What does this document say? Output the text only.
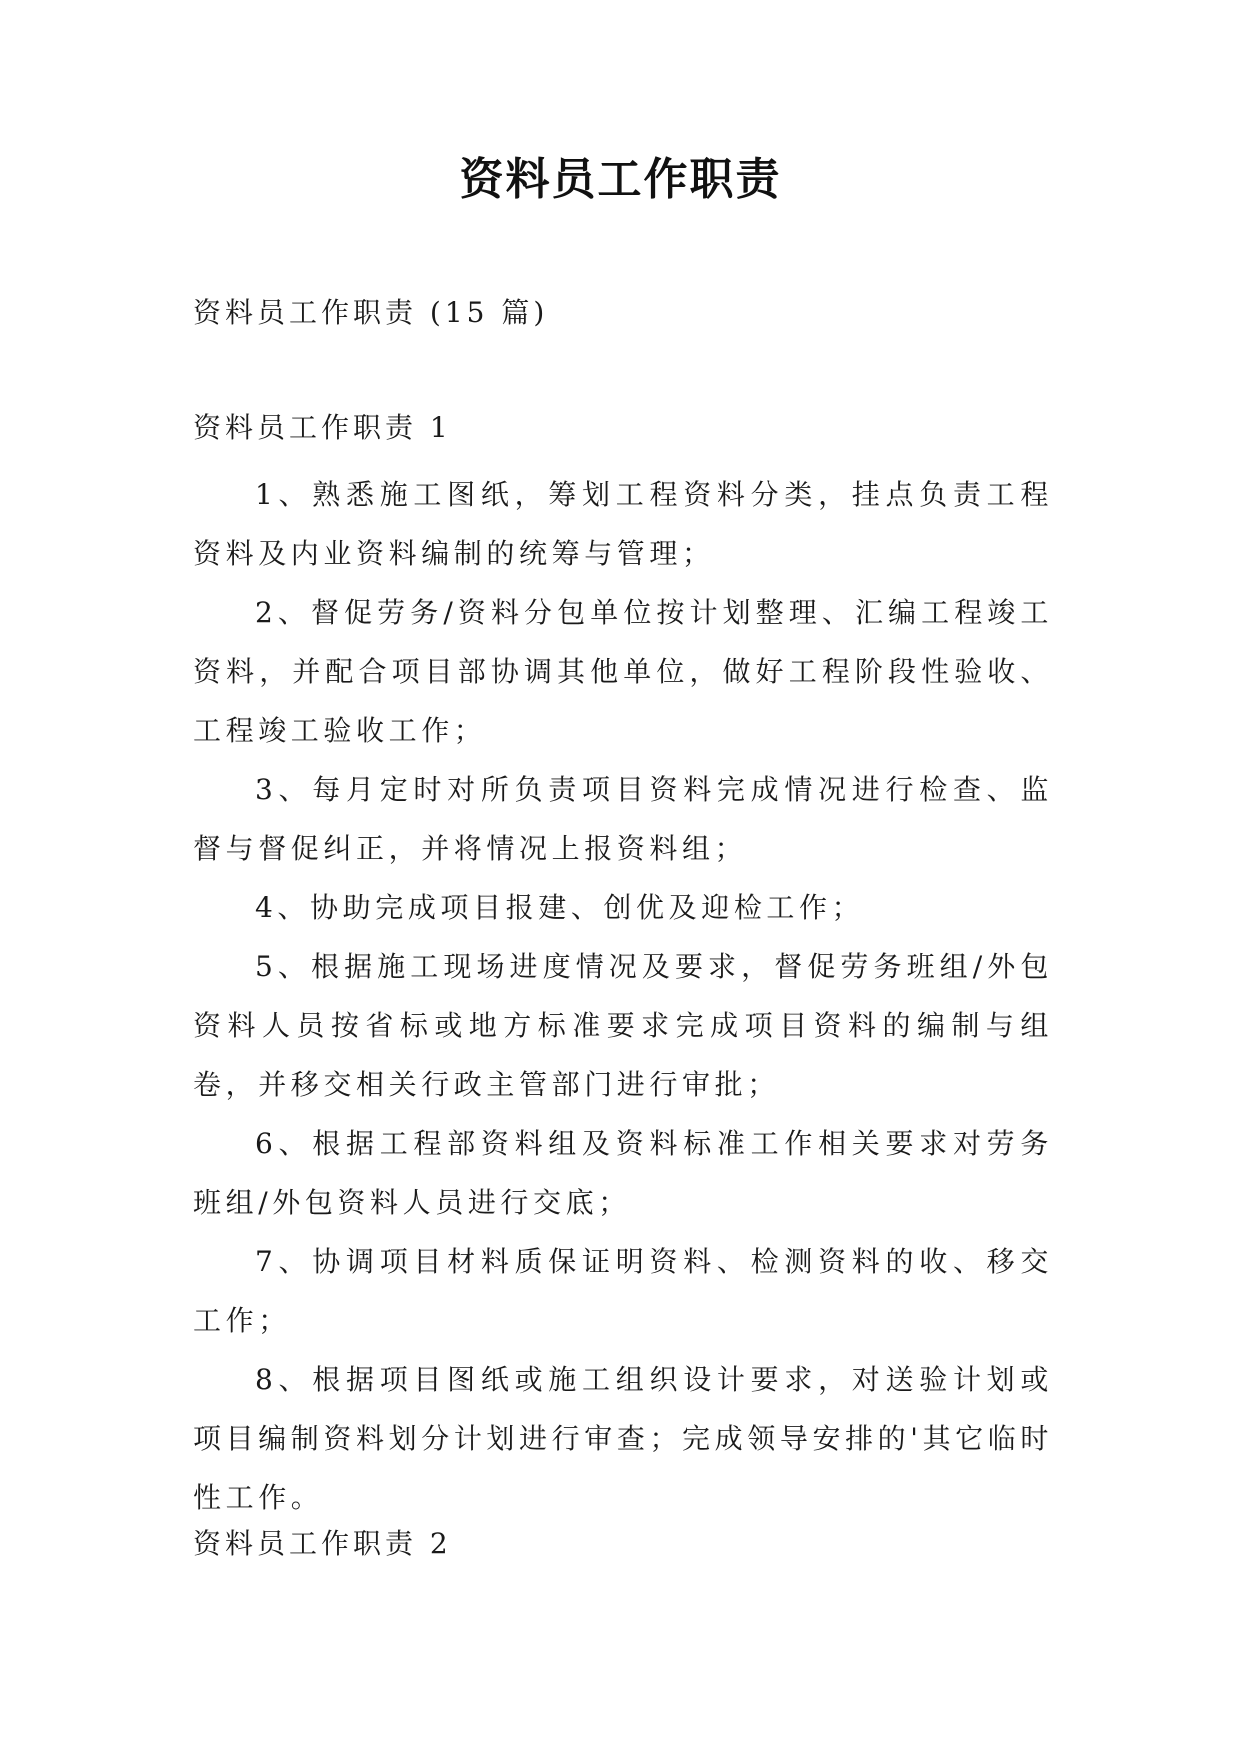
资料员工作职责
资料员工作职责 (15 篇)
资料员工作职责 1

1、熟悉施工图纸，筹划工程资料分类，挂点负责工程资料及内业资料编制的统筹与管理；

2、督促劳务/资料分包单位按计划整理、汇编工程竣工资料，并配合项目部协调其他单位，做好工程阶段性验收、工程竣工验收工作；

3、每月定时对所负责项目资料完成情况进行检查、监督与督促纠正，并将情况上报资料组；

4、协助完成项目报建、创优及迎检工作；

5、根据施工现场进度情况及要求，督促劳务班组/外包资料人员按省标或地方标准要求完成项目资料的编制与组卷，并移交相关行政主管部门进行审批；

6、根据工程部资料组及资料标准工作相关要求对劳务班组/外包资料人员进行交底；

7、协调项目材料质保证明资料、检测资料的收、移交工作；

8、根据项目图纸或施工组织设计要求，对送验计划或项目编制资料划分计划进行审查；完成领导安排的'其它临时性工作。

资料员工作职责 2
